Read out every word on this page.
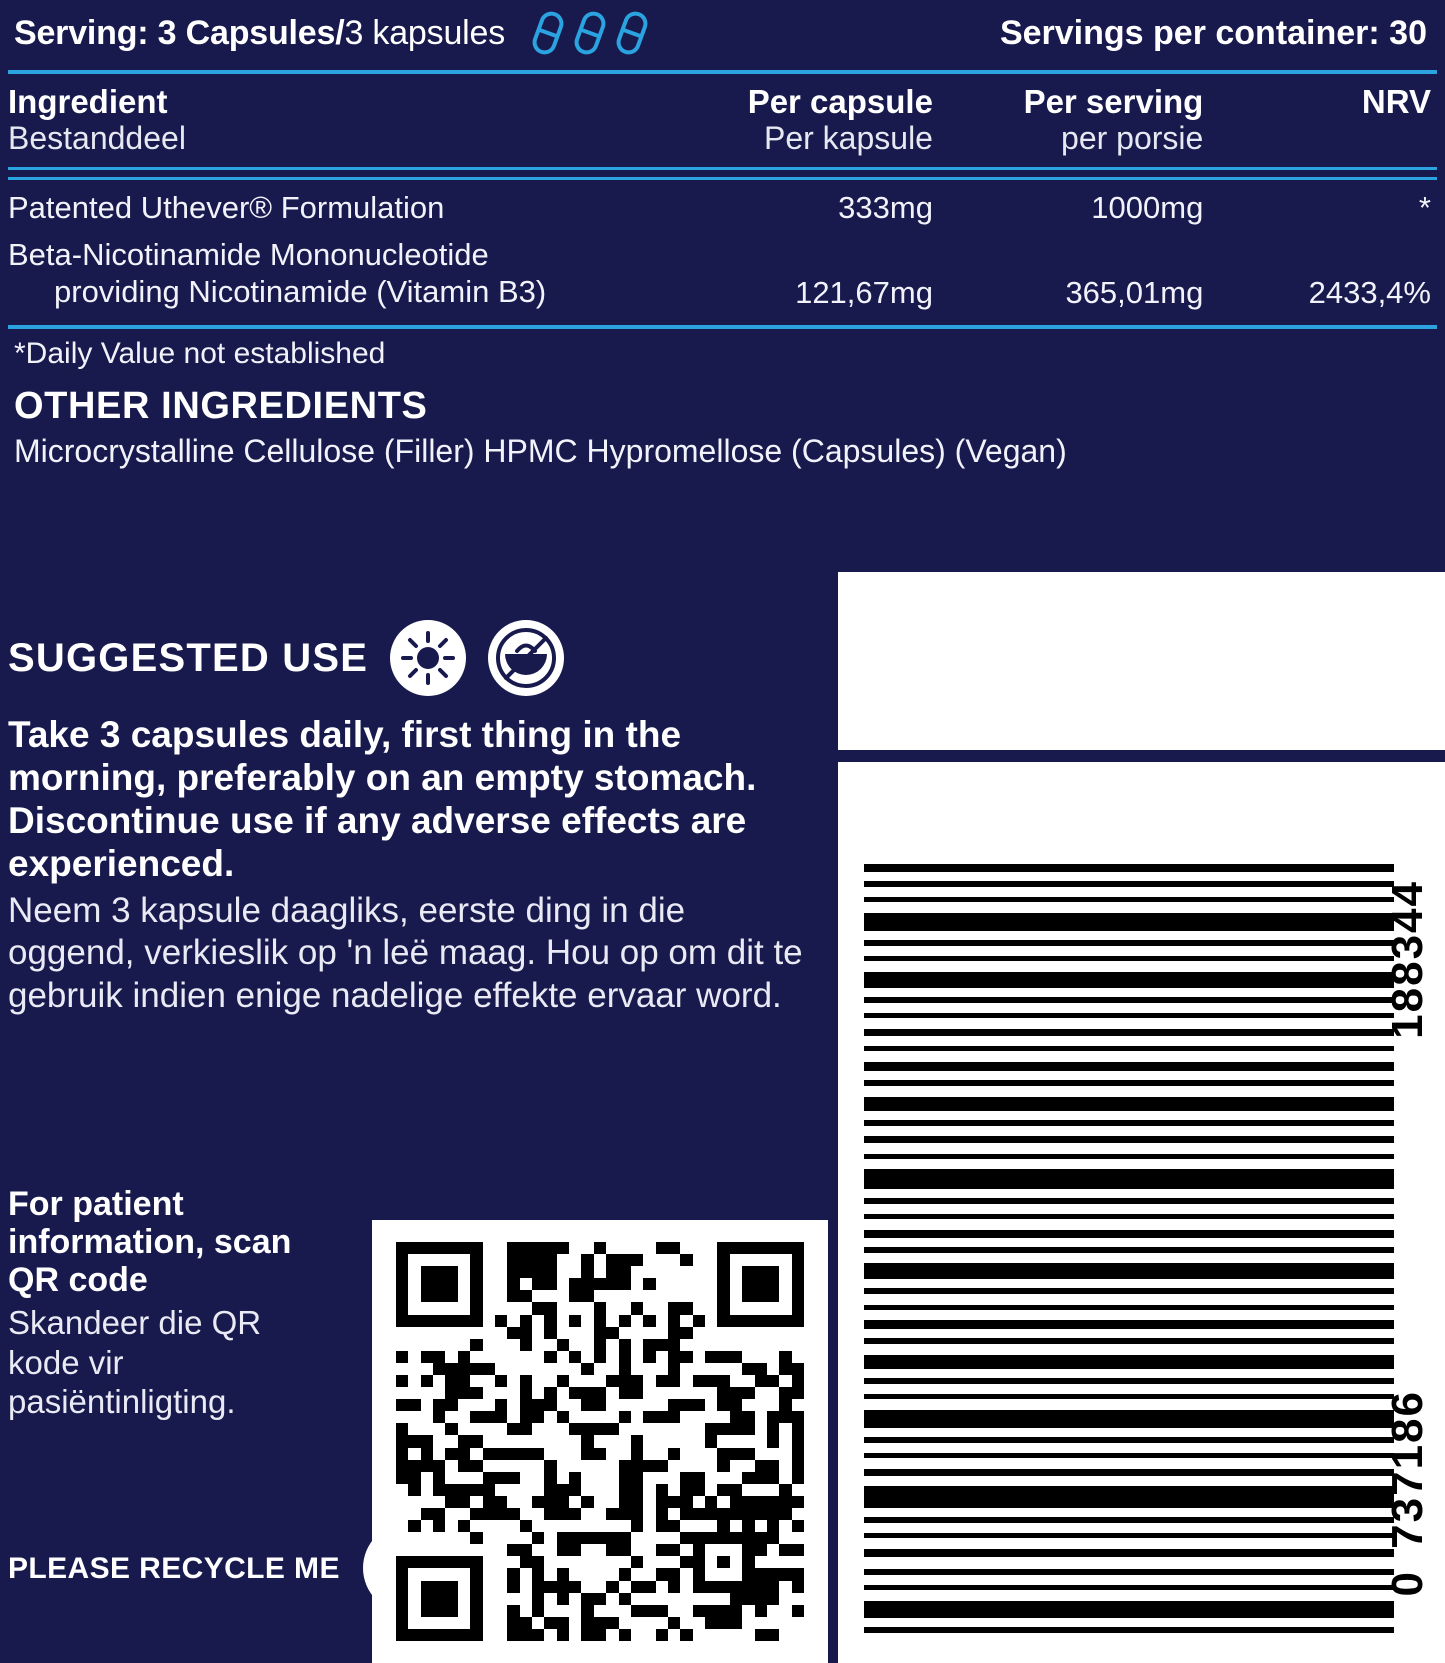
Serving: 3 Capsules/3 kapsules	Servings per container: 30
Ingredient	Per capsule	Per serving	NRV
Bestanddeel	Per kapsule	per porsie	
Patented Uthever® Formulation	333mg	1000mg	*
Beta-Nicotinamide Mononucleotide
providing Nicotinamide (Vitamin B3)	121,67mg	365,01mg	2433,4%
*Daily Value not established
OTHER INGREDIENTS
Microcrystalline Cellulose (Filler) HPMC Hypromellose (Capsules) (Vegan)
SUGGESTED USE
Take 3 capsules daily, first thing in the morning, preferably on an empty stomach. Discontinue use if any adverse effects are experienced.
Neem 3 kapsule daagliks, eerste ding in die oggend, verkieslik op 'n leë maag. Hou op om dit te gebruik indien enige nadelige effekte ervaar word.
For patient information, scan QR code
Skandeer die QR kode vir pasiëntinligting.
PLEASE RECYCLE ME
188344
737186
0
